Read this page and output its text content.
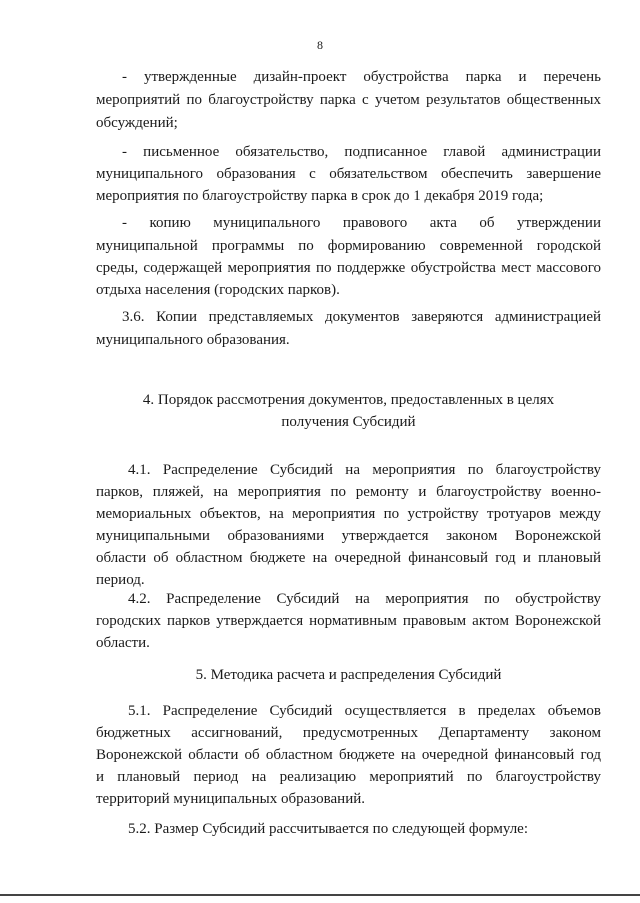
8

- утвержденные дизайн-проект обустройства парка и перечень

мероприятий по благоустройству парка с учетом результатов общественных

обсуждений;

- письменное обязательство, подписанное главой администрации

муниципального образования с обязательством обеспечить завершение

мероприятия по благоустройству парка в срок до 1 декабря 2019 года;

- копию муниципального правового акта об утверждении

муниципальной программы по формированию современной городской

среды, содержащей мероприятия по поддержке обустройства мест массового

отдыха населения (городских парков).

3.6. Копии представляемых документов заверяются администрацией

муниципального образования.

4. Порядок рассмотрения документов, предоставленных в целях

получения Субсидий

4.1. Распределение Субсидий на мероприятия по благоустройству

парков, пляжей, на мероприятия по ремонту и благоустройству военно-

мемориальных объектов, на мероприятия по устройству тротуаров между

муниципальными образованиями утверждается законом Воронежской

области об областном бюджете на очередной финансовый год и плановый

период.

4.2. Распределение Субсидий на мероприятия по обустройству

городских парков утверждается нормативным правовым актом Воронежской

области.

5. Методика расчета и распределения Субсидий

5.1. Распределение Субсидий осуществляется в пределах объемов

бюджетных ассигнований, предусмотренных Департаменту законом

Воронежской области об областном бюджете на очередной финансовый год

и плановый период на реализацию мероприятий по благоустройству

территорий муниципальных образований.

5.2. Размер Субсидий рассчитывается по следующей формуле:
